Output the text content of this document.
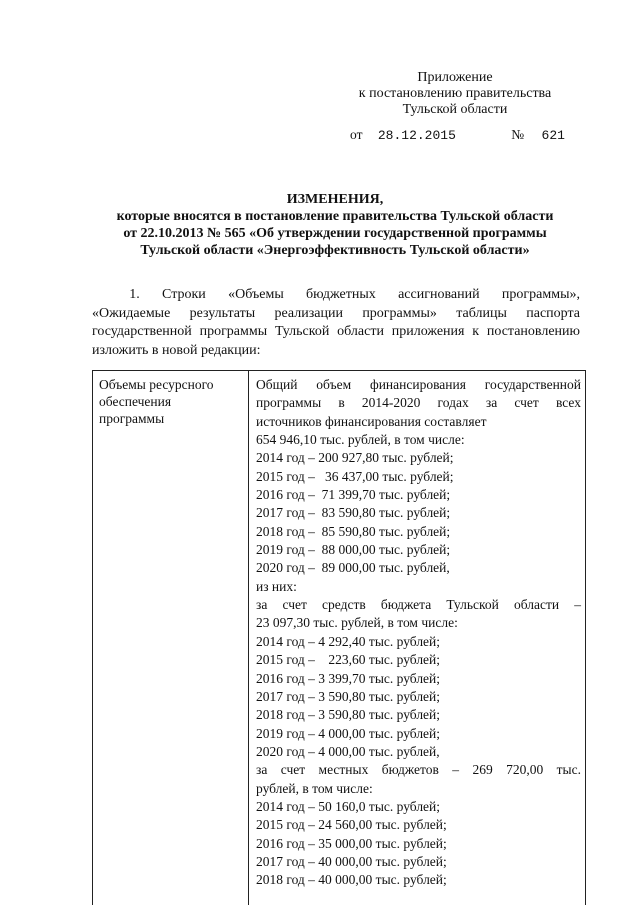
Приложение
к постановлению правительства
Тульской области
от 28.12.2015	№ 621
ИЗМЕНЕНИЯ,
которые вносятся в постановление правительства Тульской области
от 22.10.2013 № 565 «Об утверждении государственной программы
Тульской области «Энергоэффективность Тульской области»
1.   Строки   «Объемы   бюджетных   ассигнований   программы»,
«Ожидаемые   результаты   реализации   программы»   таблицы   паспорта
государственной программы Тульской области приложения к постановлению
изложить в новой редакции:
Объемы ресурсного
обеспечения
программы
Общий объем финансирования государственной
программы в 2014-2020 годах за счет всех
источников финансирования составляет
654 946,10 тыс. рублей, в том числе:
2014 год – 200 927,80 тыс. рублей;
2015 год –   36 437,00 тыс. рублей;
2016 год –  71 399,70 тыс. рублей;
2017 год –  83 590,80 тыс. рублей;
2018 год –  85 590,80 тыс. рублей;
2019 год –  88 000,00 тыс. рублей;
2020 год –  89 000,00 тыс. рублей,
из них:
за счет средств бюджета Тульской области –
23 097,30 тыс. рублей, в том числе:
2014 год – 4 292,40 тыс. рублей;
2015 год –    223,60 тыс. рублей;
2016 год – 3 399,70 тыс. рублей;
2017 год – 3 590,80 тыс. рублей;
2018 год – 3 590,80 тыс. рублей;
2019 год – 4 000,00 тыс. рублей;
2020 год – 4 000,00 тыс. рублей,
за счет местных бюджетов – 269 720,00 тыс.
рублей, в том числе:
2014 год – 50 160,0 тыс. рублей;
2015 год – 24 560,00 тыс. рублей;
2016 год – 35 000,00 тыс. рублей;
2017 год – 40 000,00 тыс. рублей;
2018 год – 40 000,00 тыс. рублей;
